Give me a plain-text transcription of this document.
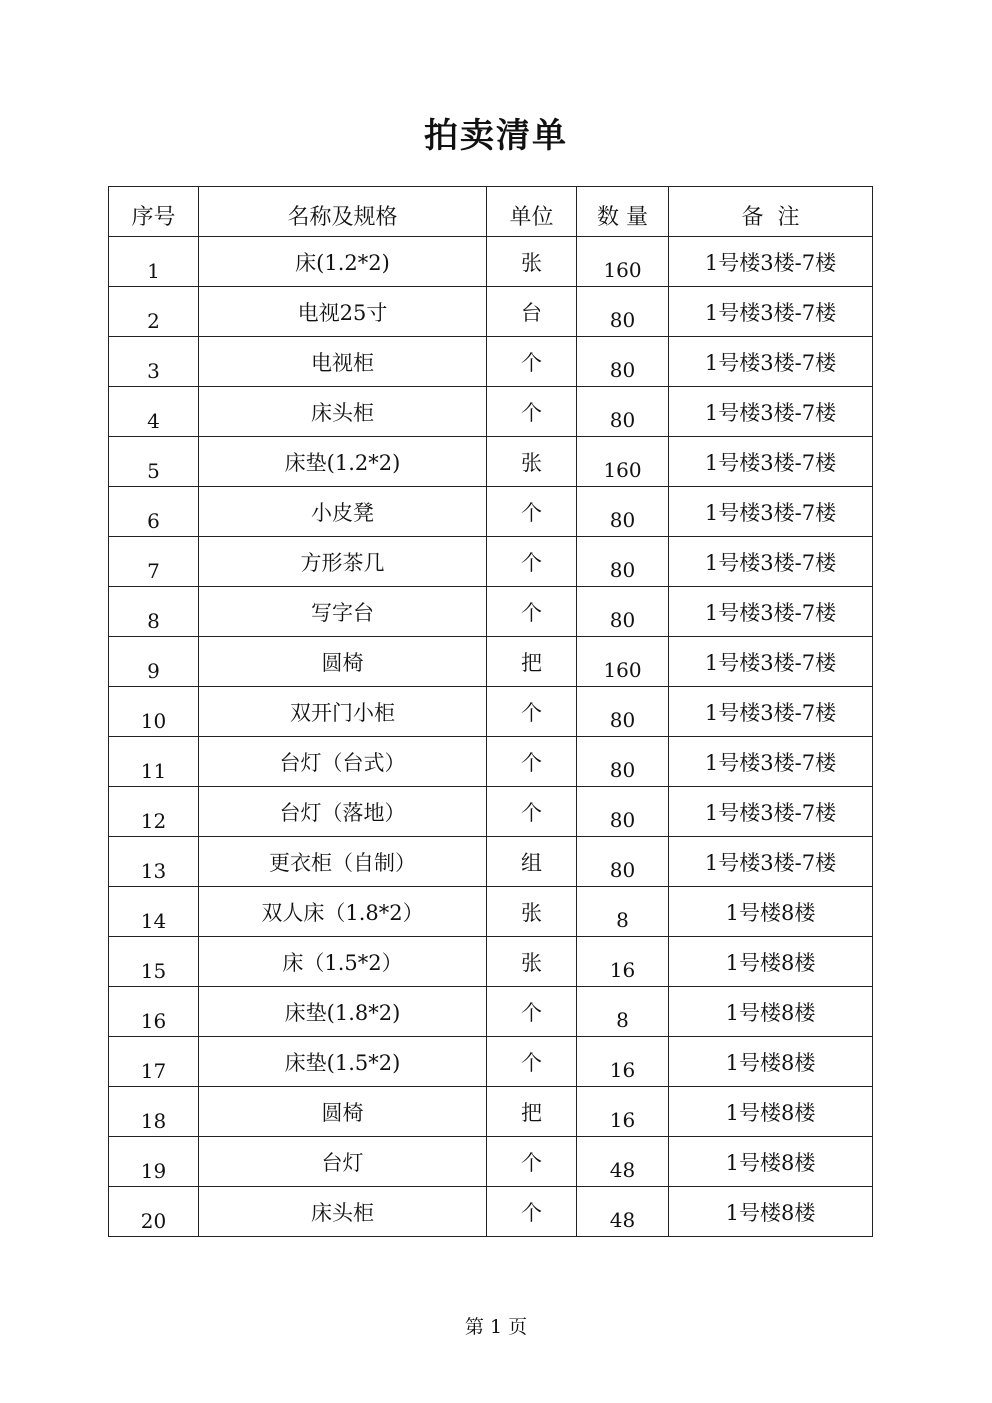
拍卖清单
序号	名称及规格	单位	数 量	备  注
1	床(1.2*2)	张	160	1号楼3楼-7楼
2	电视25寸	台	80	1号楼3楼-7楼
3	电视柜	个	80	1号楼3楼-7楼
4	床头柜	个	80	1号楼3楼-7楼
5	床垫(1.2*2)	张	160	1号楼3楼-7楼
6	小皮凳	个	80	1号楼3楼-7楼
7	方形茶几	个	80	1号楼3楼-7楼
8	写字台	个	80	1号楼3楼-7楼
9	圆椅	把	160	1号楼3楼-7楼
10	双开门小柜	个	80	1号楼3楼-7楼
11	台灯（台式）	个	80	1号楼3楼-7楼
12	台灯（落地）	个	80	1号楼3楼-7楼
13	更衣柜（自制）	组	80	1号楼3楼-7楼
14	双人床（1.8*2）	张	8	1号楼8楼
15	床（1.5*2）	张	16	1号楼8楼
16	床垫(1.8*2)	个	8	1号楼8楼
17	床垫(1.5*2)	个	16	1号楼8楼
18	圆椅	把	16	1号楼8楼
19	台灯	个	48	1号楼8楼
20	床头柜	个	48	1号楼8楼
第 1 页
